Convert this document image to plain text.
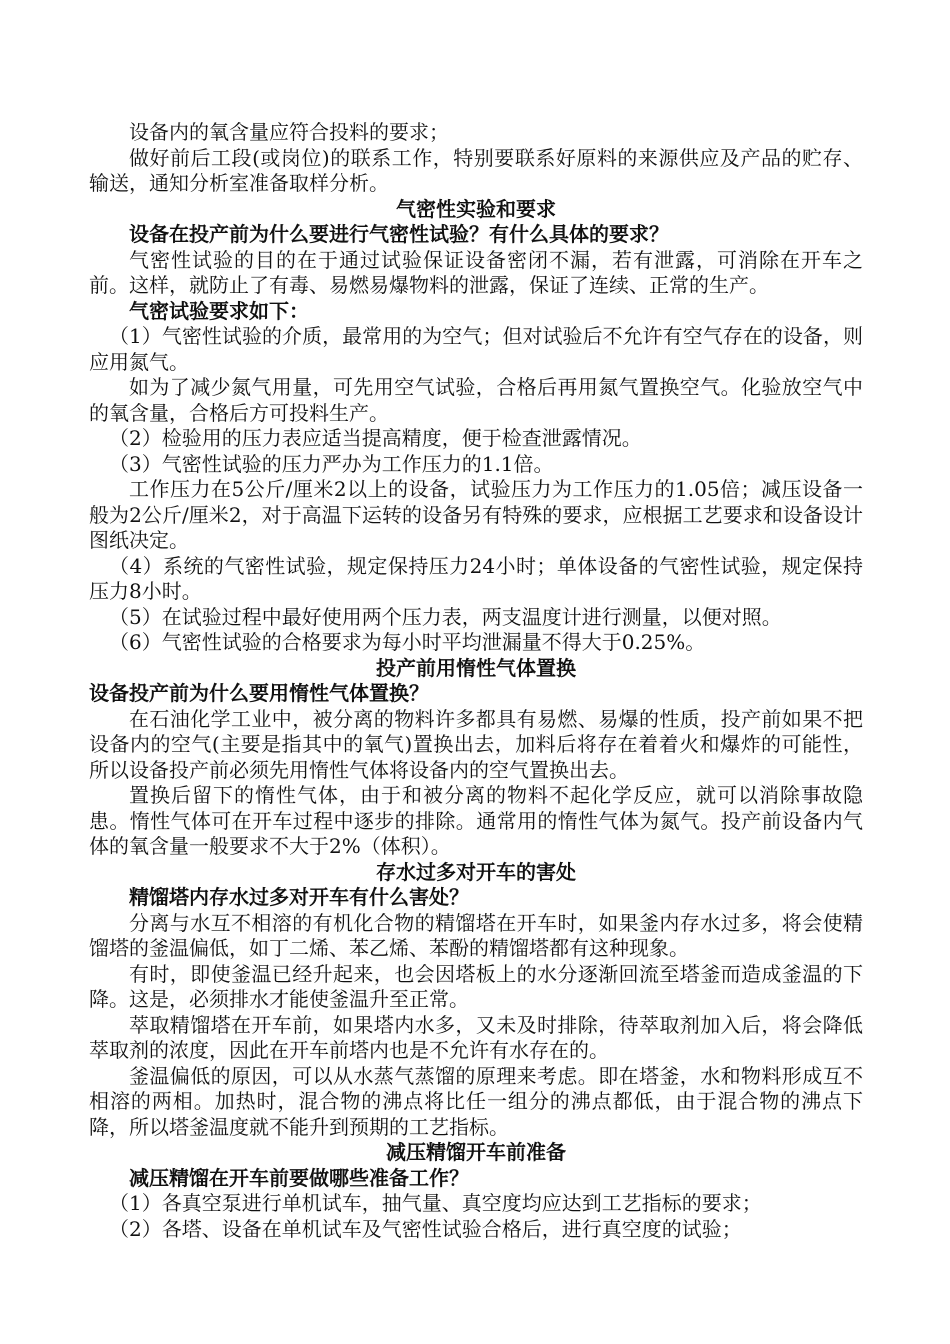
设备内的氧含量应符合投料的要求；

做好前后工段(或岗位)的联系工作，特别要联系好原料的来源供应及产品的贮存、输送，通知分析室准备取样分析。

气密性实验和要求

设备在投产前为什么要进行气密性试验？有什么具体的要求？

气密性试验的目的在于通过试验保证设备密闭不漏，若有泄露，可消除在开车之前。这样，就防止了有毒、易燃易爆物料的泄露，保证了连续、正常的生产。

气密试验要求如下：

（1）气密性试验的介质，最常用的为空气；但对试验后不允许有空气存在的设备，则应用氮气。

如为了减少氮气用量，可先用空气试验，合格后再用氮气置换空气。化验放空气中的氧含量，合格后方可投料生产。

（2）检验用的压力表应适当提高精度，便于检查泄露情况。

（3）气密性试验的压力严办为工作压力的1.1倍。

工作压力在5公斤/厘米2以上的设备，试验压力为工作压力的1.05倍；减压设备一般为2公斤/厘米2，对于高温下运转的设备另有特殊的要求，应根据工艺要求和设备设计图纸决定。

（4）系统的气密性试验，规定保持压力24小时；单体设备的气密性试验，规定保持压力8小时。

（5）在试验过程中最好使用两个压力表，两支温度计进行测量，以便对照。

（6）气密性试验的合格要求为每小时平均泄漏量不得大于0.25%。

投产前用惰性气体置换

设备投产前为什么要用惰性气体置换？

在石油化学工业中，被分离的物料许多都具有易燃、易爆的性质，投产前如果不把设备内的空气(主要是指其中的氧气)置换出去，加料后将存在着着火和爆炸的可能性，所以设备投产前必须先用惰性气体将设备内的空气置换出去。

置换后留下的惰性气体，由于和被分离的物料不起化学反应，就可以消除事故隐患。惰性气体可在开车过程中逐步的排除。通常用的惰性气体为氮气。投产前设备内气体的氧含量一般要求不大于2%（体积）。

存水过多对开车的害处

精馏塔内存水过多对开车有什么害处？

分离与水互不相溶的有机化合物的精馏塔在开车时，如果釜内存水过多，将会使精馏塔的釜温偏低，如丁二烯、苯乙烯、苯酚的精馏塔都有这种现象。

有时，即使釜温已经升起来，也会因塔板上的水分逐渐回流至塔釜而造成釜温的下降。这是，必须排水才能使釜温升至正常。

萃取精馏塔在开车前，如果塔内水多，又未及时排除，待萃取剂加入后，将会降低萃取剂的浓度，因此在开车前塔内也是不允许有水存在的。

釜温偏低的原因，可以从水蒸气蒸馏的原理来考虑。即在塔釜，水和物料形成互不相溶的两相。加热时，混合物的沸点将比任一组分的沸点都低，由于混合物的沸点下降，所以塔釜温度就不能升到预期的工艺指标。

减压精馏开车前准备

减压精馏在开车前要做哪些准备工作？

（1）各真空泵进行单机试车，抽气量、真空度均应达到工艺指标的要求；

（2）各塔、设备在单机试车及气密性试验合格后，进行真空度的试验；
